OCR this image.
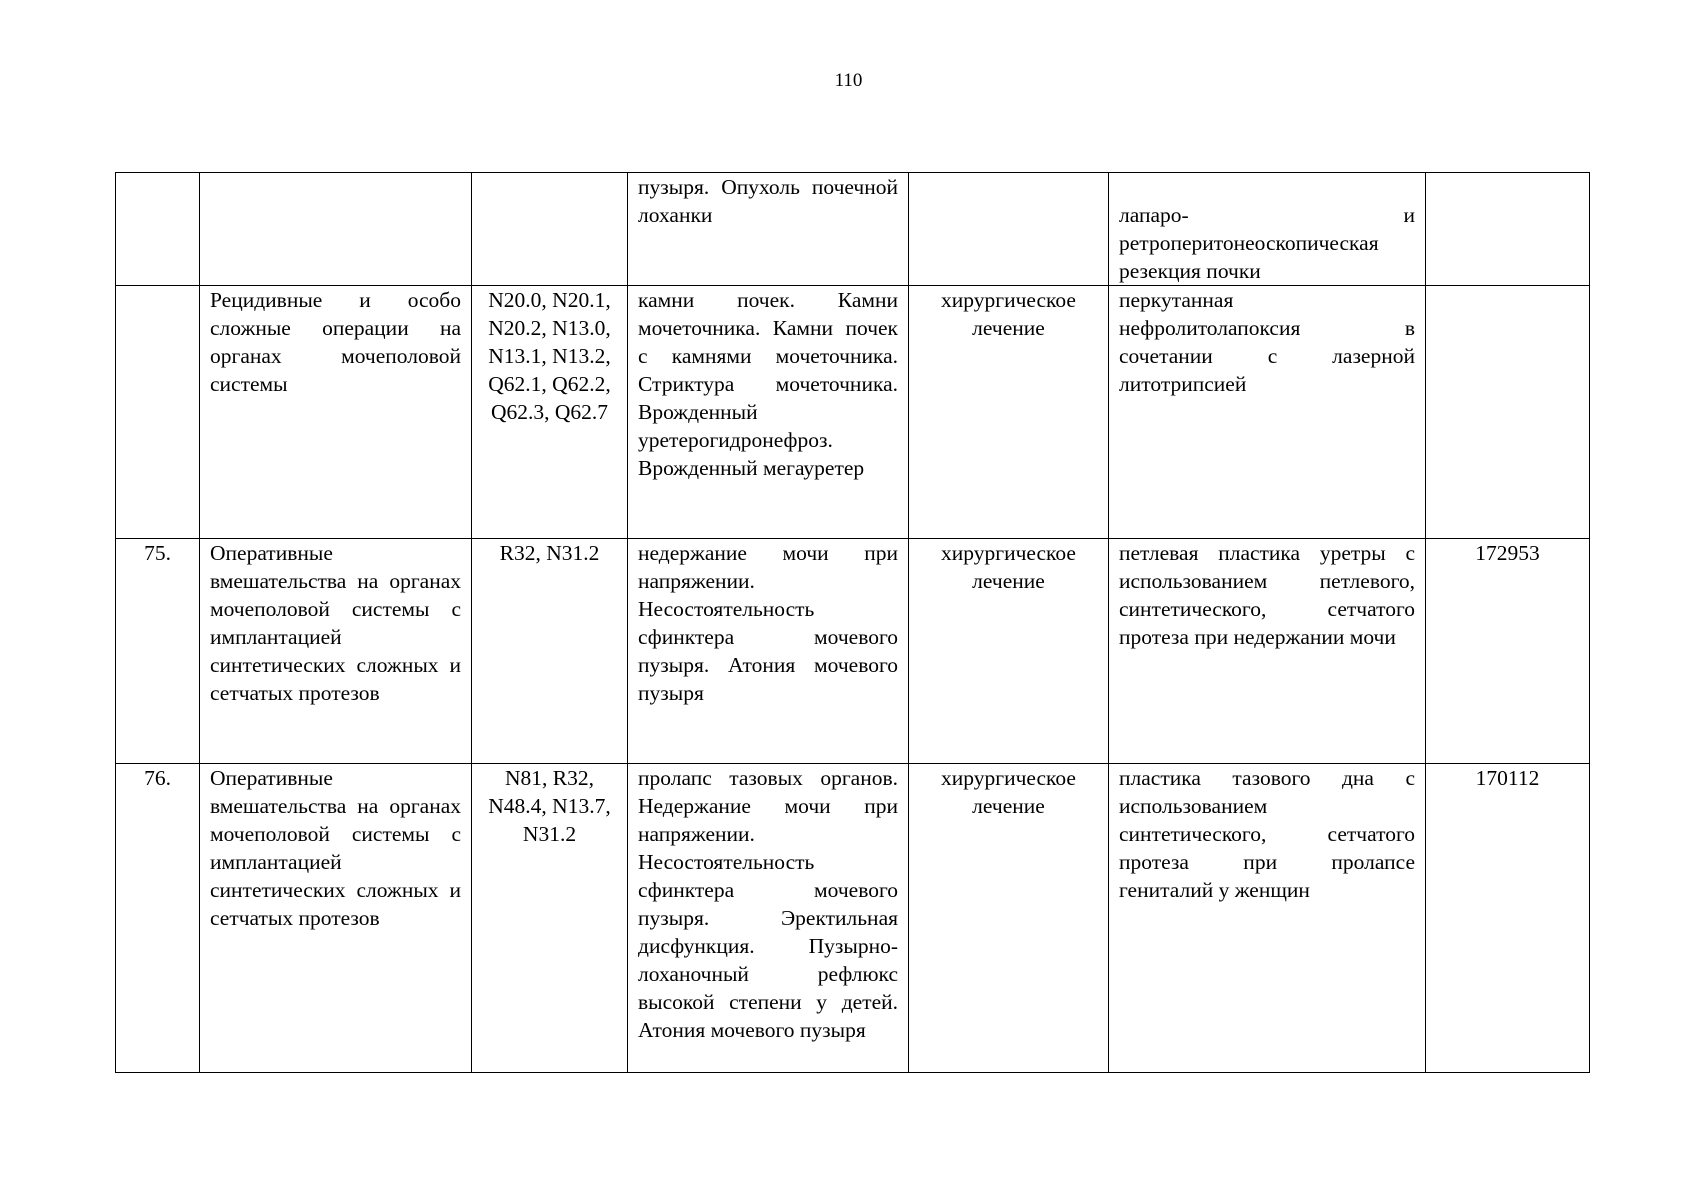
110
			пузыря. Опухоль почечной лоханки		лапаро- и ретроперитонеоскопическая резекция почки	
	Рецидивные и особо сложные операции на органах мочеполовой системы	N20.0, N20.1, N20.2, N13.0, N13.1, N13.2, Q62.1, Q62.2, Q62.3, Q62.7	камни почек. Камни мочеточника. Камни почек с камнями мочеточника. Стриктура мочеточника. Врожденный уретерогидронефроз. Врожденный мегауретер	хирургическое лечение	перкутанная нефролитолапоксия в сочетании с лазерной литотрипсией	
75.	Оперативные вмешательства на органах мочеполовой системы с имплантацией синтетических сложных и сетчатых протезов	R32, N31.2	недержание мочи при напряжении. Несостоятельность сфинктера мочевого пузыря. Атония мочевого пузыря	хирургическое лечение	петлевая пластика уретры с использованием петлевого, синтетического, сетчатого протеза при недержании мочи	172953
76.	Оперативные вмешательства на органах мочеполовой системы с имплантацией синтетических сложных и сетчатых протезов	N81, R32, N48.4, N13.7, N31.2	пролапс тазовых органов. Недержание мочи при напряжении. Несостоятельность сфинктера мочевого пузыря. Эректильная дисфункция. Пузырно-лоханочный рефлюкс высокой степени у детей. Атония мочевого пузыря	хирургическое лечение	пластика тазового дна с использованием синтетического, сетчатого протеза при пролапсе гениталий у женщин	170112
